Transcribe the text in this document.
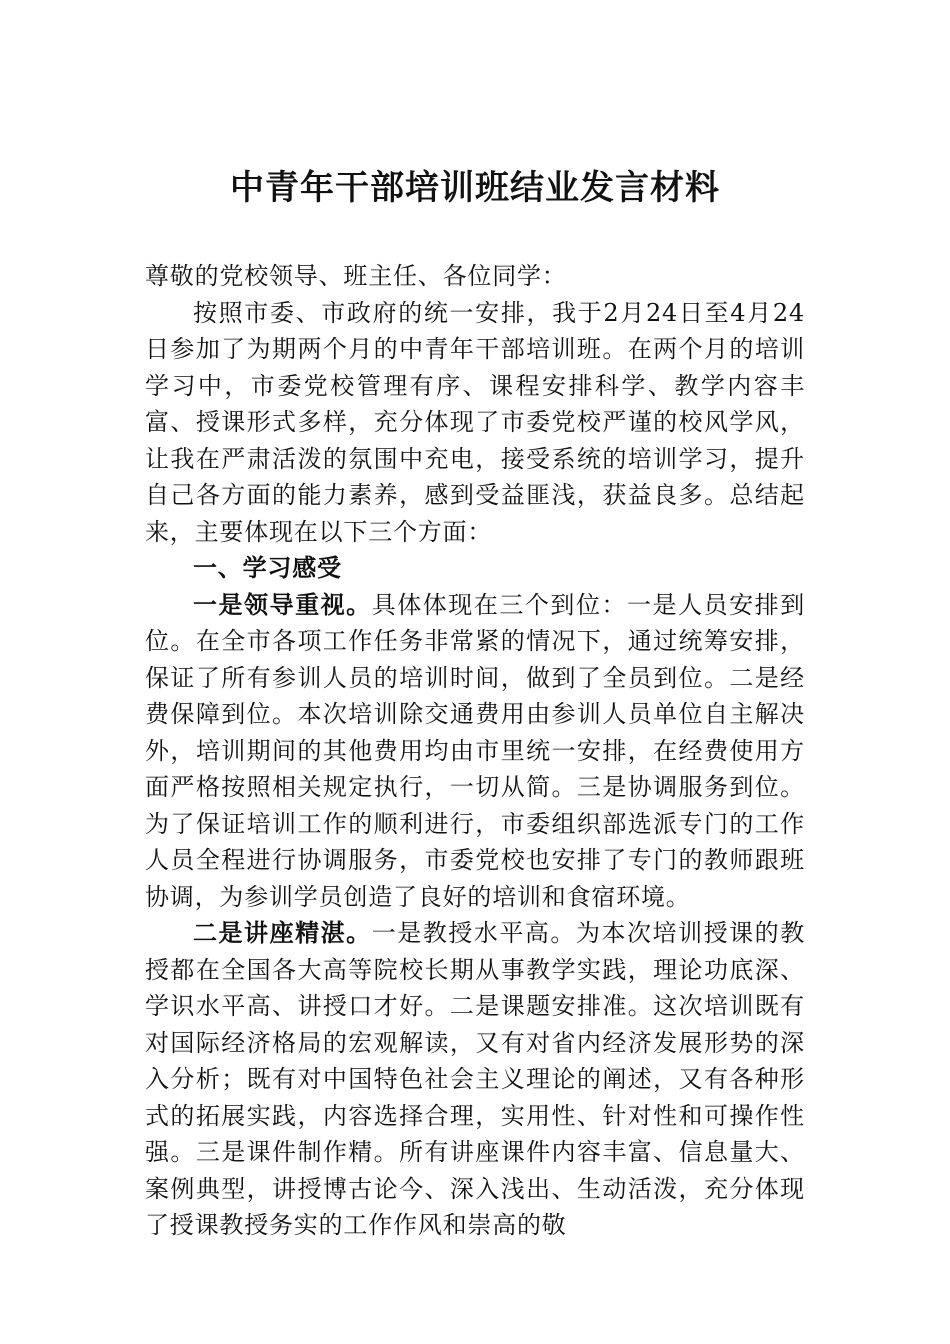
中青年干部培训班结业发言材料

尊敬的党校领导、班主任、各位同学：

按照市委、市政府的统一安排，我于2月24日至4月24日参加了为期两个月的中青年干部培训班。在两个月的培训学习中，市委党校管理有序、课程安排科学、教学内容丰富、授课形式多样，充分体现了市委党校严谨的校风学风，让我在严肃活泼的氛围中充电，接受系统的培训学习，提升自己各方面的能力素养，感到受益匪浅，获益良多。总结起来，主要体现在以下三个方面：

一、学习感受

一是领导重视。具体体现在三个到位：一是人员安排到位。在全市各项工作任务非常紧的情况下，通过统筹安排，保证了所有参训人员的培训时间，做到了全员到位。二是经费保障到位。本次培训除交通费用由参训人员单位自主解决外，培训期间的其他费用均由市里统一安排，在经费使用方面严格按照相关规定执行，一切从简。三是协调服务到位。为了保证培训工作的顺利进行，市委组织部选派专门的工作人员全程进行协调服务，市委党校也安排了专门的教师跟班协调，为参训学员创造了良好的培训和食宿环境。

二是讲座精湛。一是教授水平高。为本次培训授课的教授都在全国各大高等院校长期从事教学实践，理论功底深、学识水平高、讲授口才好。二是课题安排准。这次培训既有对国际经济格局的宏观解读，又有对省内经济发展形势的深入分析；既有对中国特色社会主义理论的阐述，又有各种形式的拓展实践，内容选择合理，实用性、针对性和可操作性强。三是课件制作精。所有讲座课件内容丰富、信息量大、案例典型，讲授博古论今、深入浅出、生动活泼，充分体现了授课教授务实的工作作风和崇高的敬
